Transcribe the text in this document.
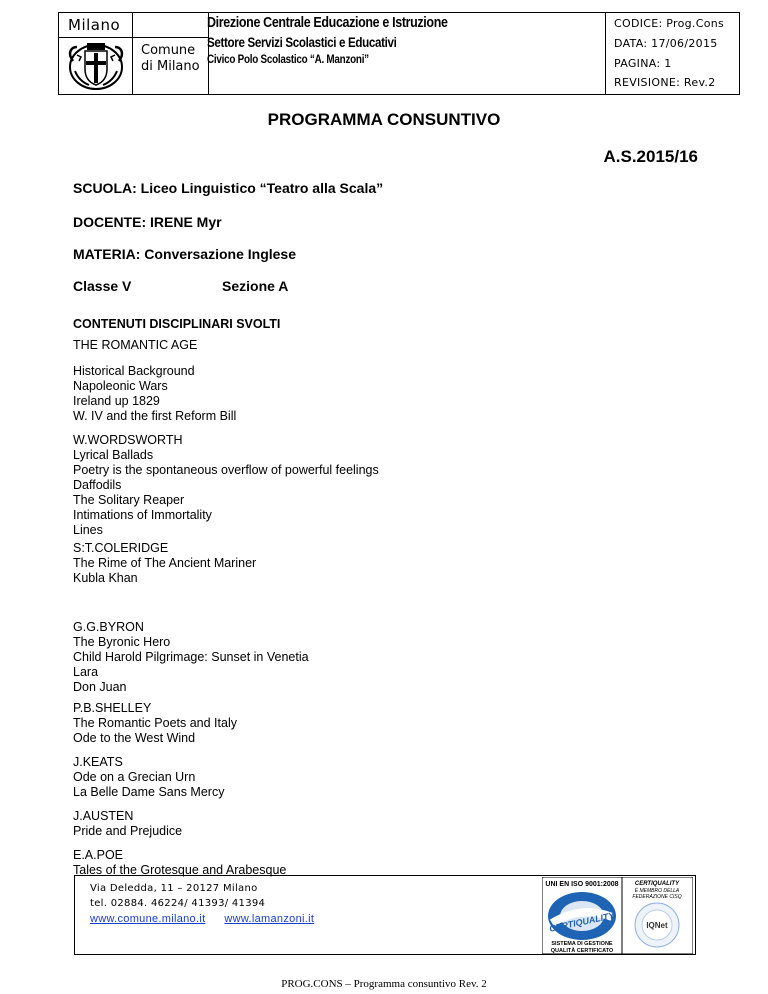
Milano
Comune
di Milano
Direzione Centrale Educazione e Istruzione
Settore Servizi Scolastici e Educativi
Civico Polo Scolastico “A. Manzoni”
CODICE: Prog.Cons
DATA: 17/06/2015
PAGINA: 1
REVISIONE: Rev.2
PROGRAMMA CONSUNTIVO
A.S.2015/16
SCUOLA: Liceo Linguistico “Teatro alla Scala”
DOCENTE: IRENE Myr
MATERIA: Conversazione Inglese
Classe V	Sezione A
CONTENUTI DISCIPLINARI SVOLTI
THE ROMANTIC AGE
Historical Background
Napoleonic Wars
Ireland up 1829
W. IV and the first Reform Bill
W.WORDSWORTH
Lyrical Ballads
Poetry is the spontaneous overflow of powerful feelings
Daffodils
The Solitary Reaper
Intimations of Immortality
Lines
S:T.COLERIDGE
The Rime of The Ancient Mariner
Kubla Khan
G.G.BYRON
The Byronic Hero
Child Harold Pilgrimage: Sunset in Venetia
Lara
Don Juan
P.B.SHELLEY
The Romantic Poets and Italy
Ode to the West Wind
J.KEATS
Ode on a Grecian Urn
La Belle Dame Sans Mercy
J.AUSTEN
Pride and Prejudice
E.A.POE
Tales of the Grotesque and Arabesque
Via Deledda, 11 – 20127 Milano
tel. 02884. 46224/ 41393/ 41394
www.comune.milano.it www.lamanzoni.it
UNI EN ISO 9001:2008
CERTIQUALITY
SISTEMA DI GESTIONE
QUALITÀ CERTIFICATO
CERTIQUALITY
È MEMBRO DELLA
FEDERAZIONE CISQ
IQNet
PROG.CONS – Programma consuntivo Rev. 2
